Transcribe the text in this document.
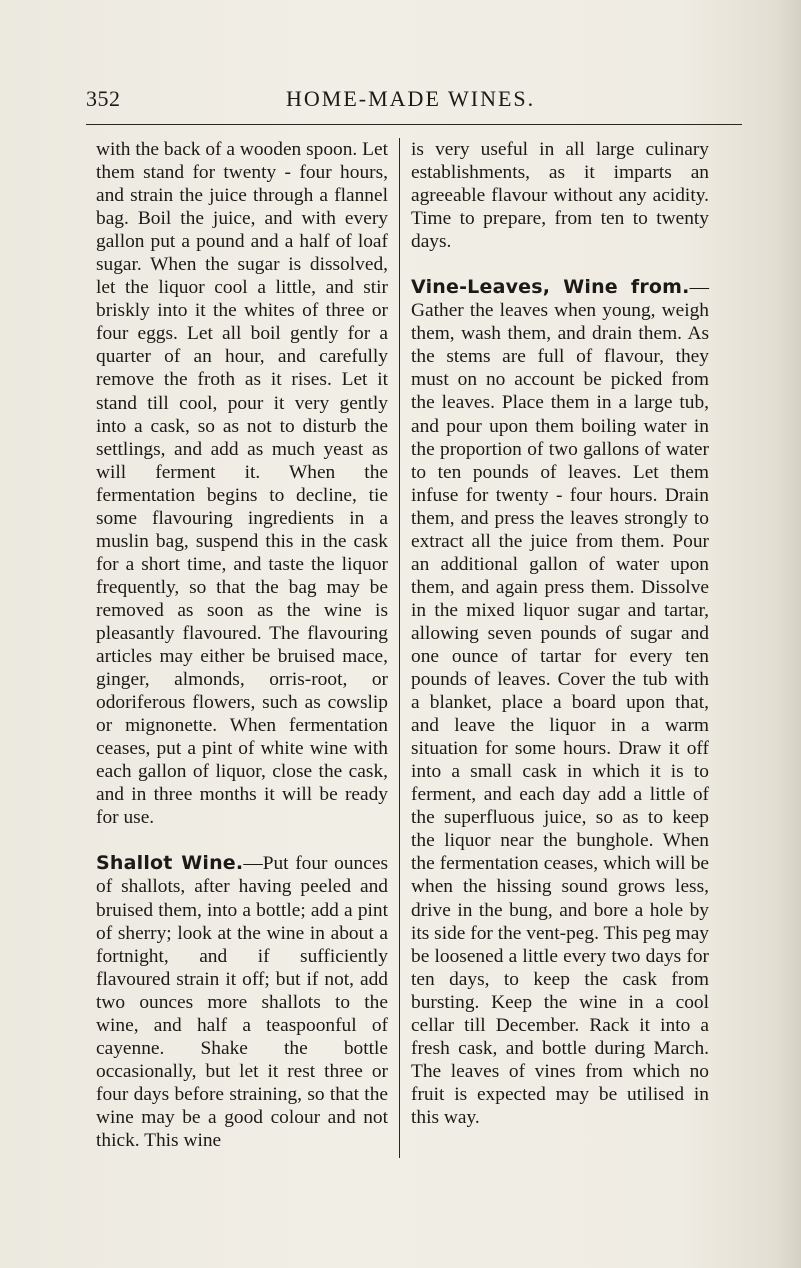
352	HOME-MADE WINES.

with the back of a wooden spoon. Let them stand for twenty - four hours, and strain the juice through a flannel bag. Boil the juice, and with every gallon put a pound and a half of loaf sugar. When the sugar is dissolved, let the liquor cool a little, and stir briskly into it the whites of three or four eggs. Let all boil gently for a quarter of an hour, and carefully remove the froth as it rises. Let it stand till cool, pour it very gently into a cask, so as not to disturb the settlings, and add as much yeast as will ferment it. When the fermentation begins to decline, tie some flavouring ingredients in a muslin bag, suspend this in the cask for a short time, and taste the liquor frequently, so that the bag may be removed as soon as the wine is pleasantly flavoured. The flavouring articles may either be bruised mace, ginger, almonds, orris-root, or odoriferous flowers, such as cowslip or mignonette. When fermentation ceases, put a pint of white wine with each gallon of liquor, close the cask, and in three months it will be ready for use.

Shallot Wine.—Put four ounces of shallots, after having peeled and bruised them, into a bottle; add a pint of sherry; look at the wine in about a fortnight, and if sufficiently flavoured strain it off; but if not, add two ounces more shallots to the wine, and half a teaspoonful of cayenne. Shake the bottle occasionally, but let it rest three or four days before straining, so that the wine may be a good colour and not thick. This wine

is very useful in all large culinary establishments, as it imparts an agreeable flavour without any acidity. Time to prepare, from ten to twenty days.

Vine-Leaves, Wine from.— Gather the leaves when young, weigh them, wash them, and drain them. As the stems are full of flavour, they must on no account be picked from the leaves. Place them in a large tub, and pour upon them boiling water in the proportion of two gallons of water to ten pounds of leaves. Let them infuse for twenty - four hours. Drain them, and press the leaves strongly to extract all the juice from them. Pour an additional gallon of water upon them, and again press them. Dissolve in the mixed liquor sugar and tartar, allowing seven pounds of sugar and one ounce of tartar for every ten pounds of leaves. Cover the tub with a blanket, place a board upon that, and leave the liquor in a warm situation for some hours. Draw it off into a small cask in which it is to ferment, and each day add a little of the superfluous juice, so as to keep the liquor near the bunghole. When the fermentation ceases, which will be when the hissing sound grows less, drive in the bung, and bore a hole by its side for the vent-peg. This peg may be loosened a little every two days for ten days, to keep the cask from bursting. Keep the wine in a cool cellar till December. Rack it into a fresh cask, and bottle during March. The leaves of vines from which no fruit is expected may be utilised in this way.
